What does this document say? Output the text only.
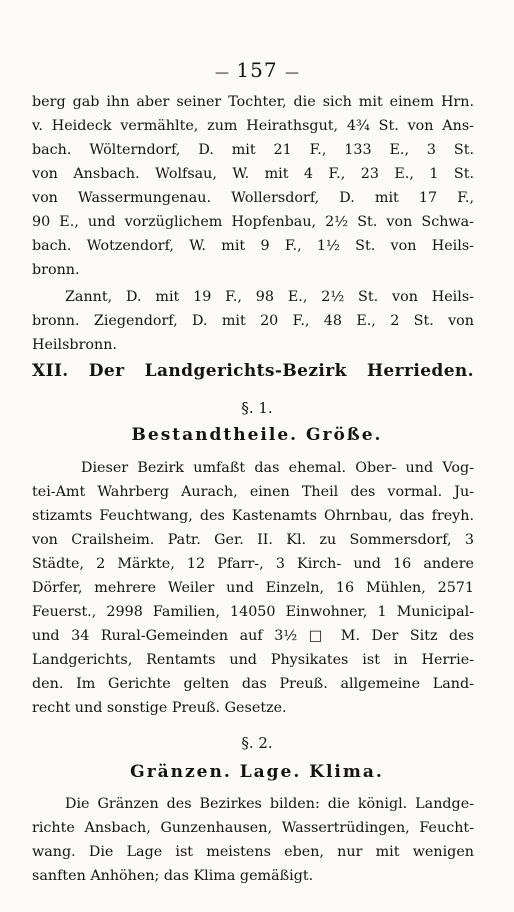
— 157 —
berg gab ihn aber seiner Tochter, die sich mit einem Hrn.
v. Heideck vermählte, zum Heirathsgut, 4¾ St. von Ans-
bach. Wölterndorf, D. mit 21 F., 133 E., 3 St.
von Ansbach. Wolfsau, W. mit 4 F., 23 E., 1 St.
von Wassermungenau. Wollersdorf, D. mit 17 F.,
90 E., und vorzüglichem Hopfenbau, 2½ St. von Schwa-
bach. Wotzendorf, W. mit 9 F., 1½ St. von Heils-
bronn.
Zannt, D. mit 19 F., 98 E., 2½ St. von Heils-
bronn. Ziegendorf, D. mit 20 F., 48 E., 2 St. von
Heilsbronn.
XII. Der Landgerichts-Bezirk Herrieden.
§. 1.
Bestandtheile. Größe.
Dieser Bezirk umfaßt das ehemal. Ober- und Vog-
tei-Amt Wahrberg Aurach, einen Theil des vormal. Ju-
stizamts Feuchtwang, des Kastenamts Ohrnbau, das freyh.
von Crailsheim. Patr. Ger. II. Kl. zu Sommersdorf, 3
Städte, 2 Märkte, 12 Pfarr-, 3 Kirch- und 16 andere
Dörfer, mehrere Weiler und Einzeln, 16 Mühlen, 2571
Feuerst., 2998 Familien, 14050 Einwohner, 1 Municipal-
und 34 Rural-Gemeinden auf 3½ □ M. Der Sitz des
Landgerichts, Rentamts und Physikates ist in Herrie-
den. Im Gerichte gelten das Preuß. allgemeine Land-
recht und sonstige Preuß. Gesetze.
§. 2.
Gränzen. Lage. Klima.
Die Gränzen des Bezirkes bilden: die königl. Landge-
richte Ansbach, Gunzenhausen, Wassertrüdingen, Feucht-
wang. Die Lage ist meistens eben, nur mit wenigen
sanften Anhöhen; das Klima gemäßigt.
